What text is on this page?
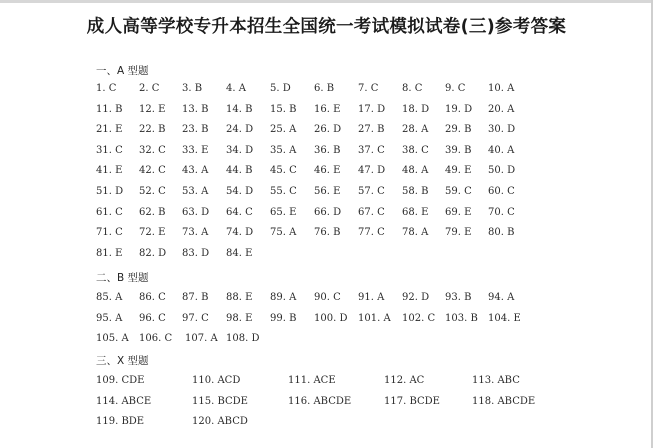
成人高等学校专升本招生全国统一考试模拟试卷(三)参考答案
一、A 型题
1. C 2. C 3. B 4. A 5. D 6. B 7. C 8. C 9. C 10. A
11. B 12. E 13. B 14. B 15. B 16. E 17. D 18. D 19. D 20. A
21. E 22. B 23. B 24. D 25. A 26. D 27. B 28. A 29. B 30. D
31. C 32. C 33. E 34. D 35. A 36. B 37. C 38. C 39. B 40. A
41. E 42. C 43. A 44. B 45. C 46. E 47. D 48. A 49. E 50. D
51. D 52. C 53. A 54. D 55. C 56. E 57. C 58. B 59. C 60. C
61. C 62. B 63. D 64. C 65. E 66. D 67. C 68. E 69. E 70. C
71. C 72. E 73. A 74. D 75. A 76. B 77. C 78. A 79. E 80. B
81. E 82. D 83. D 84. E
二、B 型题
85. A 86. C 87. B 88. E 89. A 90. C 91. A 92. D 93. B 94. A
95. A 96. C 97. C 98. E 99. B 100. D 101. A 102. C 103. B 104. E
105. A 106. C 107. A 108. D
三、X 型题
109. CDE	110. ACD	111. ACE	112. AC	113. ABC
114. ABCE	115. BCDE	116. ABCDE	117. BCDE	118. ABCDE
119. BDE	120. ABCD
